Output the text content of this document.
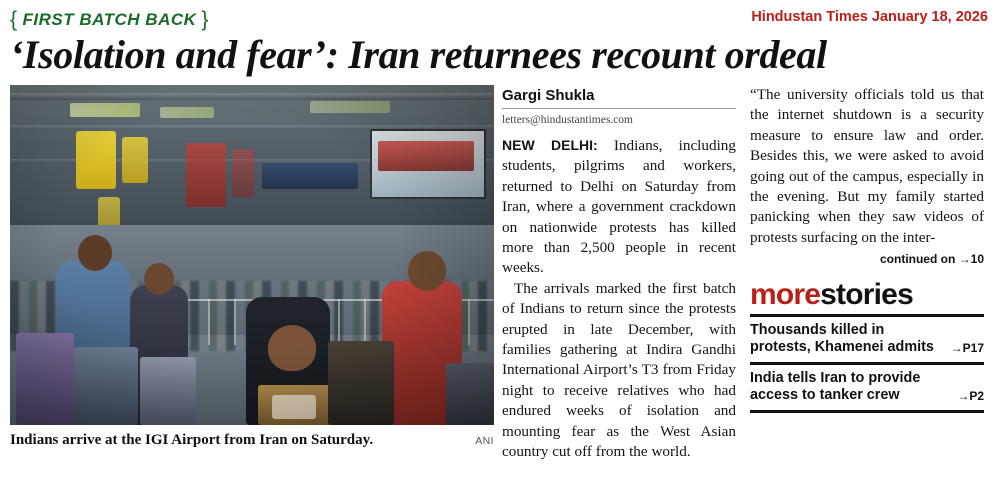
{ FIRST BATCH BACK }	Hindustan Times January 18, 2026
‘Isolation and fear’: Iran returnees recount ordeal
Indians arrive at the IGI Airport from Iran on Saturday.	ANI
Gargi Shukla
letters@hindustantimes.com

NEW DELHI: Indians, including students, pilgrims and workers, returned to Delhi on Saturday from Iran, where a government crackdown on nationwide protests has killed more than 2,500 people in recent weeks.

The arrivals marked the first batch of Indians to return since the protests erupted in late December, with families gathering at Indira Gandhi International Airport’s T3 from Friday night to receive relatives who had endured weeks of isolation and mounting fear as the West Asian country cut off from the world.

“The university officials told us that the internet shutdown is a security measure to ensure law and order. Besides this, we were asked to avoid going out of the campus, especially in the evening. But my family started panicking when they saw videos of protests surfacing on the inter-

continued on →10
morestories
Thousands killed in protests, Khamenei admits	→P17
India tells Iran to provide access to tanker crew	→P2
